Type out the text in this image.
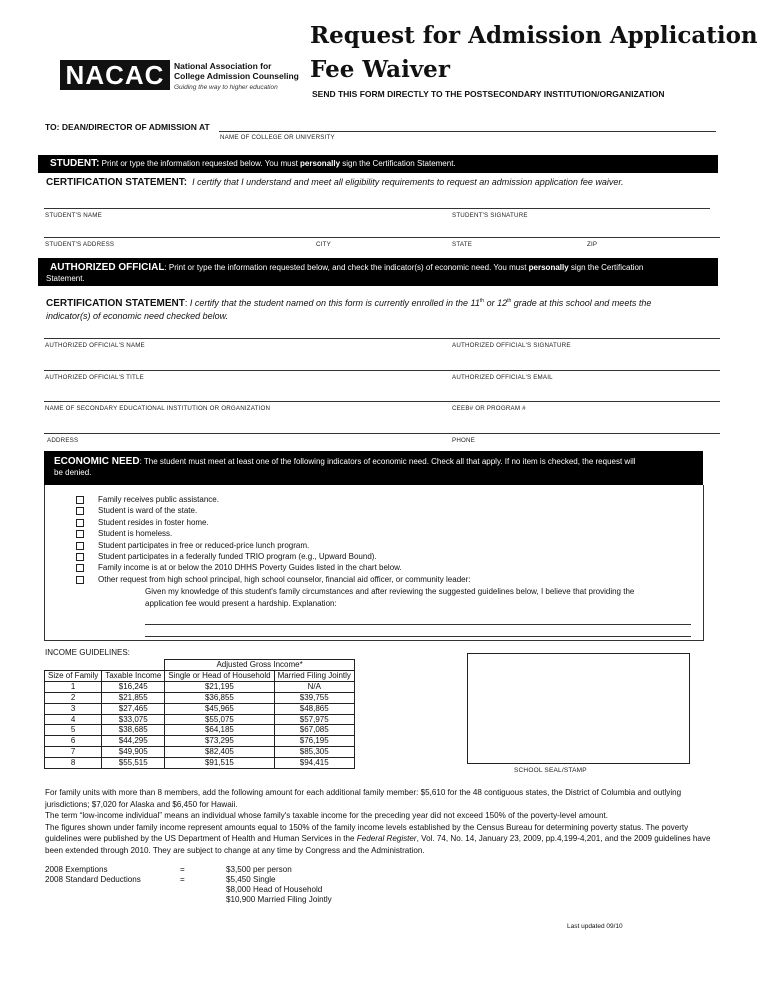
NACAC	National Association for
College Admission Counseling
Guiding the way to higher education
Request for Admission Application
Fee Waiver
SEND THIS FORM DIRECTLY TO THE POSTSECONDARY INSTITUTION/ORGANIZATION
TO: DEAN/DIRECTOR OF ADMISSION AT
NAME OF COLLEGE OR UNIVERSITY
STUDENT: Print or type the information requested below. You must personally sign the Certification Statement.
CERTIFICATION STATEMENT: I certify that I understand and meet all eligibility requirements to request an admission application fee waiver.
STUDENT'S NAME	STUDENT'S SIGNATURE
STUDENT'S ADDRESS	CITY	STATE	ZIP
AUTHORIZED OFFICIAL: Print or type the information requested below, and check the indicator(s) of economic need. You must personally sign the Certification
Statement.
CERTIFICATION STATEMENT: I certify that the student named on this form is currently enrolled in the 11th or 12th grade at this school and meets the
indicator(s) of economic need checked below.
AUTHORIZED OFFICIAL'S NAME	AUTHORIZED OFFICIAL'S SIGNATURE
AUTHORIZED OFFICIAL'S TITLE	AUTHORIZED OFFICIAL'S EMAIL
NAME OF SECONDARY EDUCATIONAL INSTITUTION OR ORGANIZATION	CEEB# OR PROGRAM #
ADDRESS	PHONE
ECONOMIC NEED: The student must meet at least one of the following indicators of economic need. Check all that apply. If no item is checked, the request will
be denied.
Family receives public assistance.
Student is ward of the state.
Student resides in foster home.
Student is homeless.
Student participates in free or reduced-price lunch program.
Student participates in a federally funded TRIO program (e.g., Upward Bound).
Family income is at or below the 2010 DHHS Poverty Guides listed in the chart below.
Other request from high school principal, high school counselor, financial aid officer, or community leader:
Given my knowledge of this student's family circumstances and after reviewing the suggested guidelines below, I believe that providing the
application fee would present a hardship. Explanation:
INCOME GUIDELINES:
		Adjusted Gross Income*	
Size of Family	Taxable Income	Single or Head of Household	Married Filing Jointly
1	$16,245	$21,195	N/A
2	$21,855	$36,855	$39,755
3	$27,465	$45,965	$48,865
4	$33,075	$55,075	$57,975
5	$38,685	$64,185	$67,085
6	$44,295	$73,295	$76,195
7	$49,905	$82,405	$85,305
8	$55,515	$91,515	$94,415
SCHOOL SEAL/STAMP
For family units with more than 8 members, add the following amount for each additional family member: $5,610 for the 48 contiguous states, the District of Columbia and outlying jurisdictions; $7,020 for Alaska and $6,450 for Hawaii.
The term “low-income individual” means an individual whose family's taxable income for the preceding year did not exceed 150% of the poverty-level amount.
The figures shown under family income represent amounts equal to 150% of the family income levels established by the Census Bureau for determining poverty status. The poverty guidelines were published by the US Department of Health and Human Services in the Federal Register, Vol. 74, No. 14, January 23, 2009, pp.4,199-4,201, and the 2009 guidelines have been extended through 2010. They are subject to change at any time by Congress and the Administration.
2008 Exemptions	=	$3,500 per person
2008 Standard Deductions	=	$5,450 Single
$8,000 Head of Household
$10,900 Married Filing Jointly
Last updated 09/10
